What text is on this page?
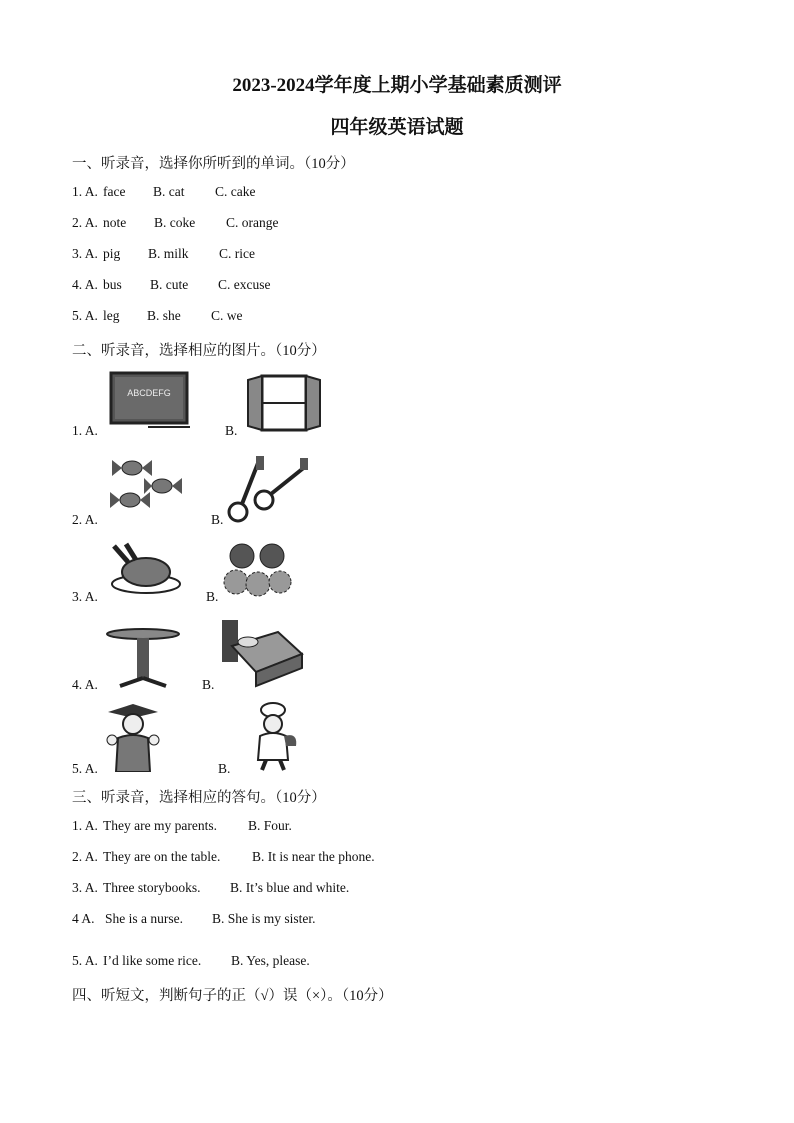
2023-2024学年度上期小学基础素质测评
四年级英语试题
一、听录音，选择你所听到的单词。（10分）
1. A. face B. cat C. cake
2. A. note B. coke C. orange
3. A. pig B. milk C. rice
4. A. bus B. cute C. excuse
5. A. leg B. she C. we
二、听录音，选择相应的图片。（10分）
1. A.	B.
ABCDEFG
2. A.	B.
3. A.	B.
4. A.	B.
5. A.	B.
三、听录音，选择相应的答句。（10分）
1. A. They are my parents. B. Four.
2. A. They are on the table. B. It is near the phone.
3. A. Three storybooks. B. It’s blue and white.
4 A. She is a nurse. B. She is my sister.
5. A. I’d like some rice. B. Yes, please.
四、听短文，判断句子的正（√）误（×）。（10分）
